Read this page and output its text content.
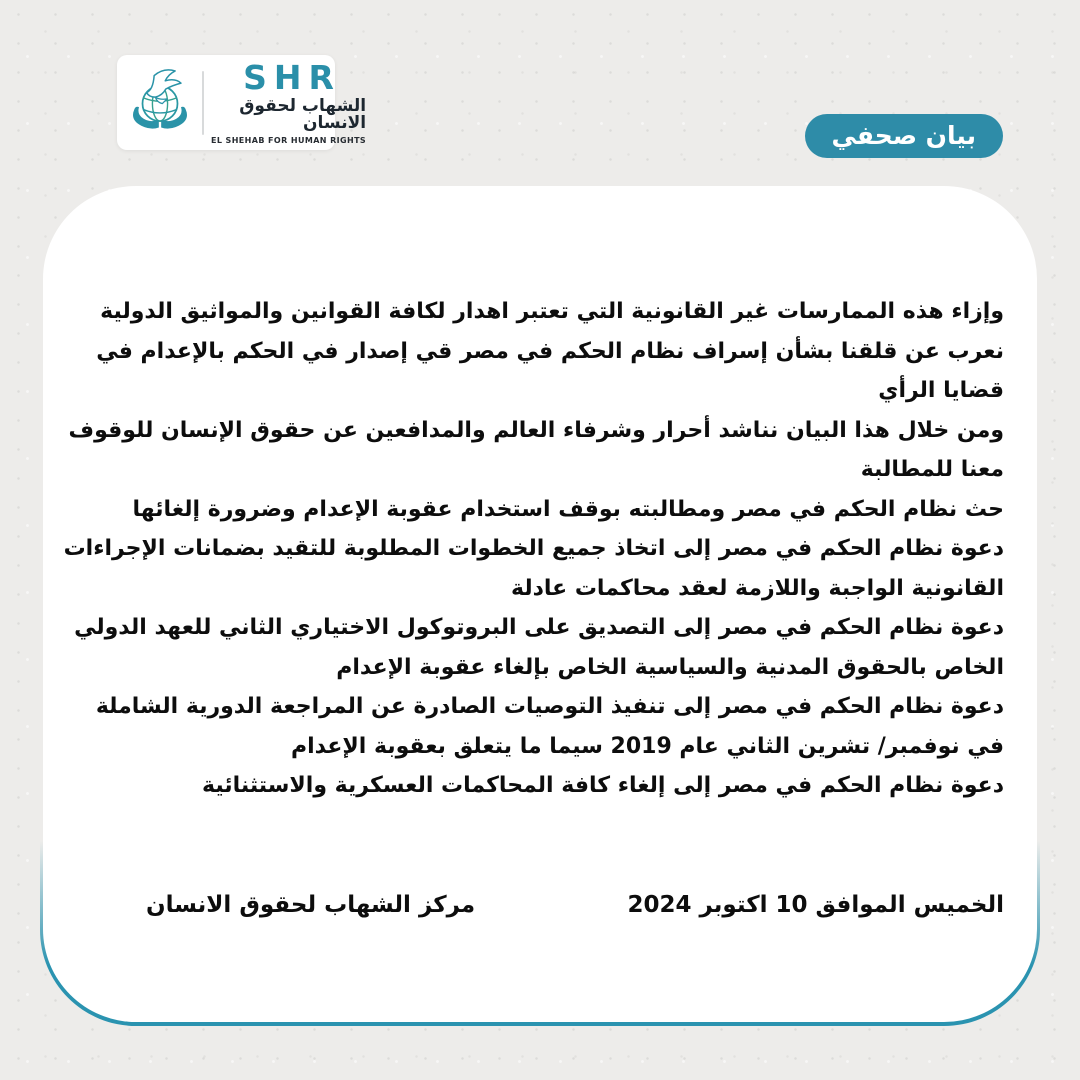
SHR
الشهاب لحقوق الانسان
EL SHEHAB FOR HUMAN RIGHTS	بيان صحفي
وإزاء هذه الممارسات غير القانونية التي تعتبر اهدار لكافة القوانين والمواثيق الدولية
نعرب عن قلقنا بشأن إسراف نظام الحكم في مصر قي إصدار في الحكم بالإعدام في
قضايا الرأي
ومن خلال هذا البيان نناشد أحرار وشرفاء العالم والمدافعين عن حقوق الإنسان للوقوف
معنا للمطالبة
حث نظام الحكم في مصر ومطالبته بوقف استخدام عقوبة الإعدام وضرورة إلغائها
دعوة نظام الحكم في مصر إلى اتخاذ جميع الخطوات المطلوبة للتقيد بضمانات الإجراءات
القانونية الواجبة واللازمة لعقد محاكمات عادلة
دعوة نظام الحكم في مصر إلى التصديق على البروتوكول الاختياري الثاني للعهد الدولي
الخاص بالحقوق المدنية والسياسية الخاص بإلغاء عقوبة الإعدام
دعوة نظام الحكم في مصر إلى تنفيذ التوصيات الصادرة عن المراجعة الدورية الشاملة
في نوفمبر/ تشرين الثاني عام 2019 سيما ما يتعلق بعقوبة الإعدام
دعوة نظام الحكم في مصر إلى إلغاء كافة المحاكمات العسكرية والاستثنائية
الخميس الموافق 10 اكتوبر 2024
مركز الشهاب لحقوق الانسان
